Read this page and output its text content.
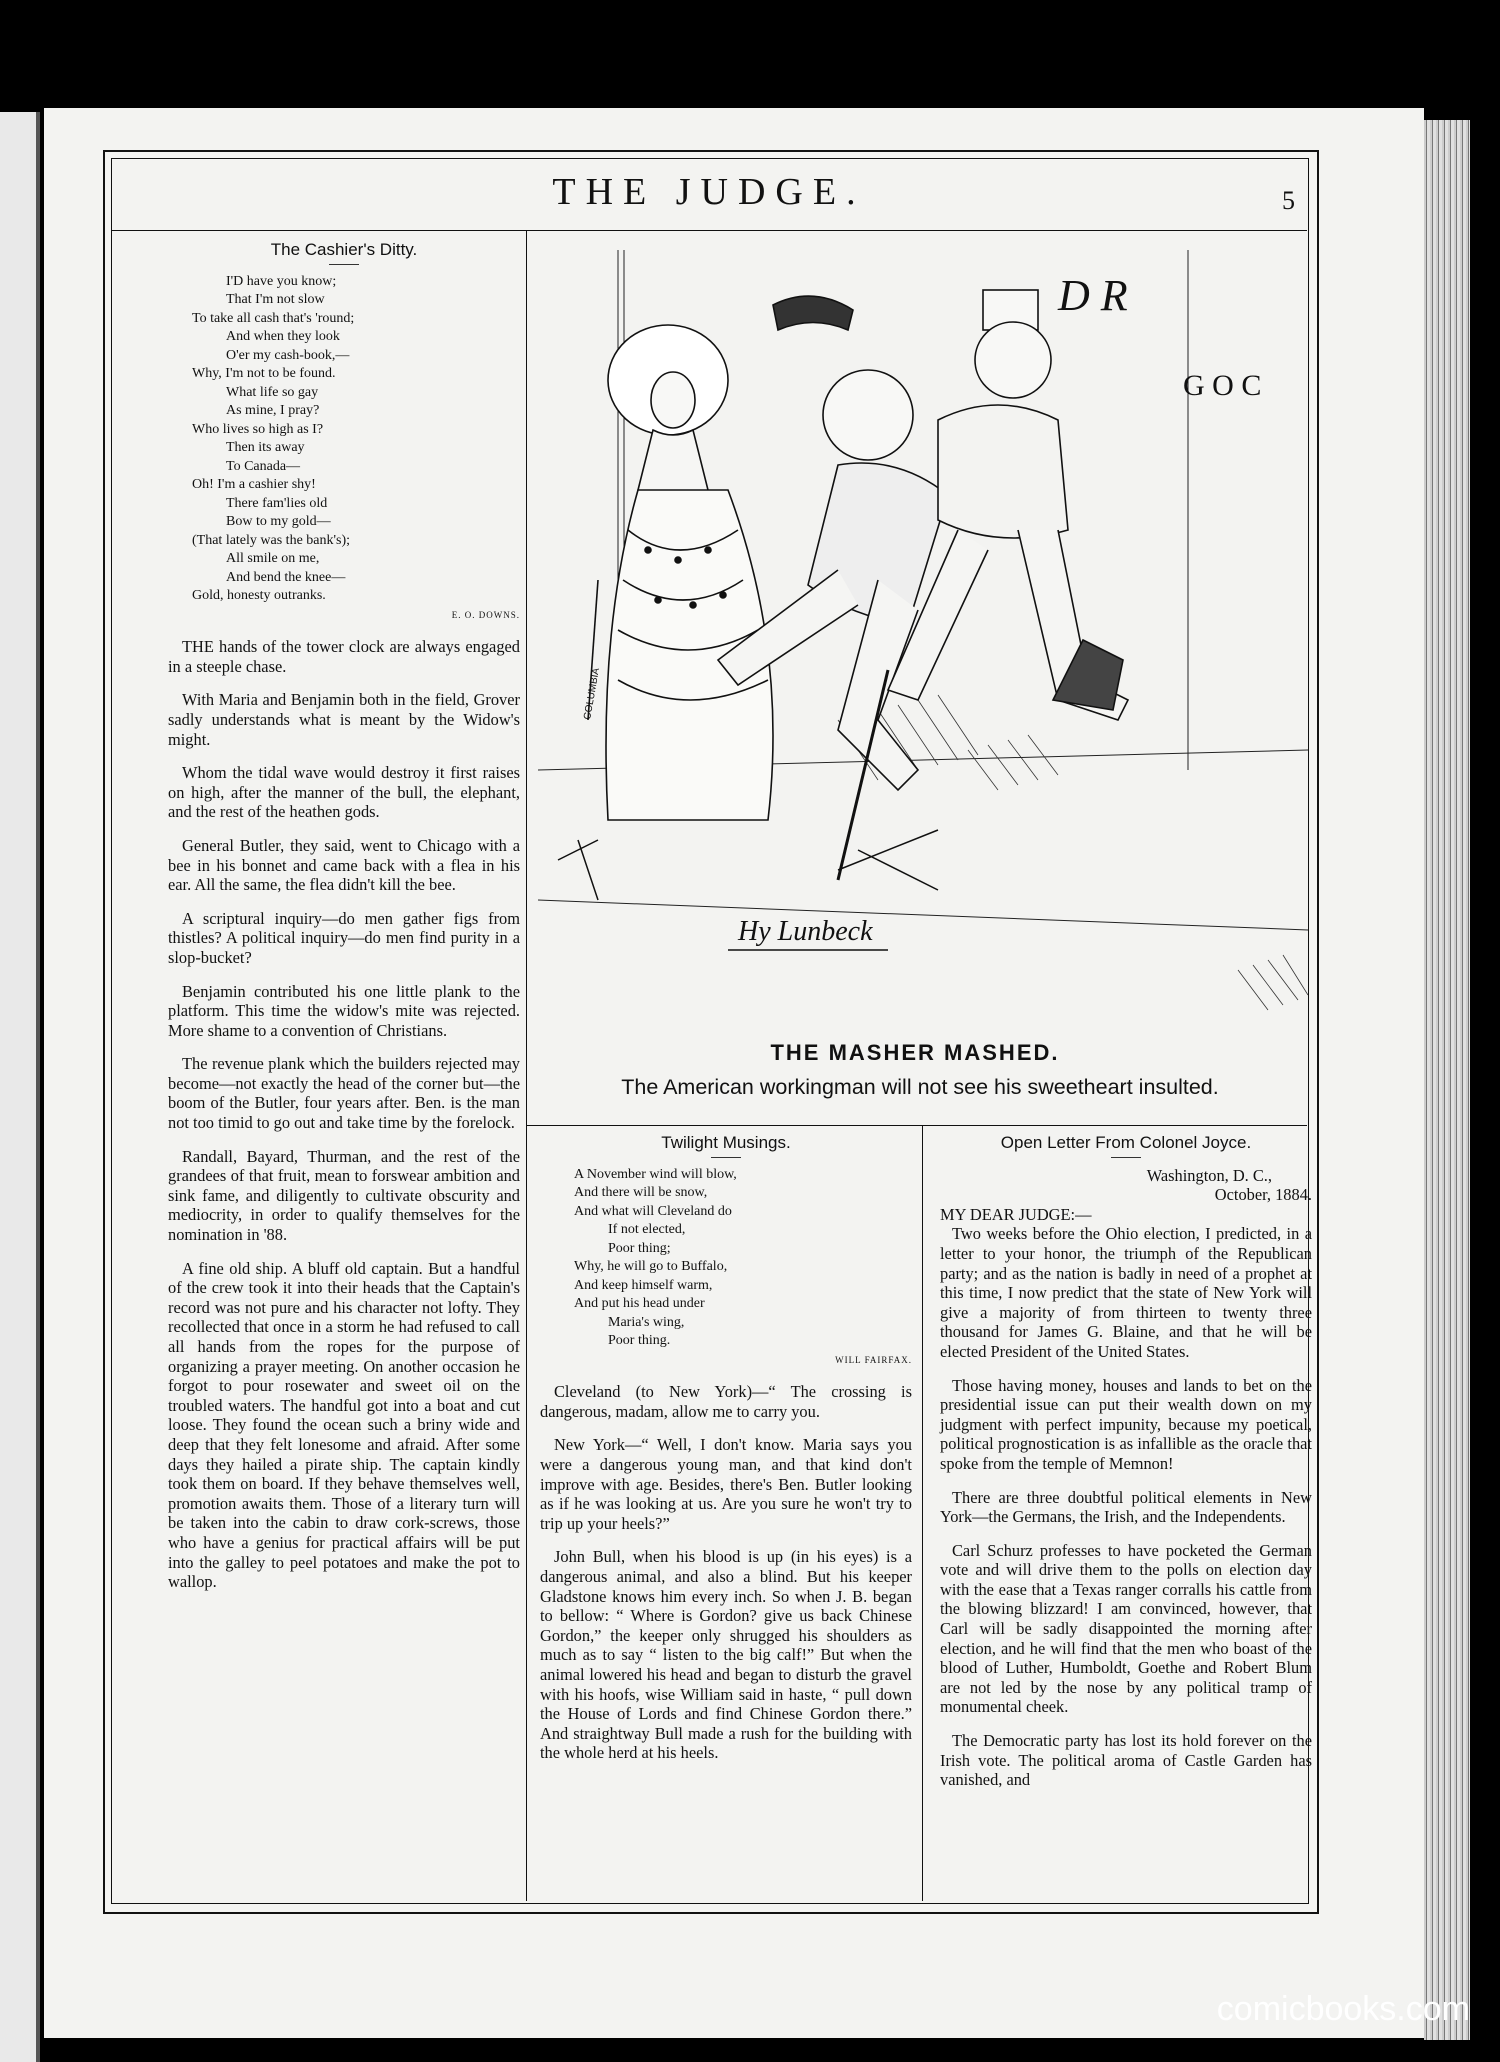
THE JUDGE.	5
The Cashier's Ditty.
I'D have you know;
That I'm not slow
To take all cash that's 'round;
And when they look
O'er my cash-book,—
Why, I'm not to be found.
What life so gay
As mine, I pray?
Who lives so high as I?
Then its away
To Canada—
Oh! I'm a cashier shy!
There fam'lies old
Bow to my gold—
(That lately was the bank's);
All smile on me,
And bend the knee—
Gold, honesty outranks.
E. O. DOWNS.

THE hands of the tower clock are always engaged in a steeple chase.

With Maria and Benjamin both in the field, Grover sadly understands what is meant by the Widow's might.

Whom the tidal wave would destroy it first raises on high, after the manner of the bull, the elephant, and the rest of the heathen gods.

General Butler, they said, went to Chicago with a bee in his bonnet and came back with a flea in his ear. All the same, the flea didn't kill the bee.

A scriptural inquiry—do men gather figs from thistles? A political inquiry—do men find purity in a slop-bucket?

Benjamin contributed his one little plank to the platform. This time the widow's mite was rejected. More shame to a convention of Christians.

The revenue plank which the builders rejected may become—not exactly the head of the corner but—the boom of the Butler, four years after. Ben. is the man not too timid to go out and take time by the forelock.

Randall, Bayard, Thurman, and the rest of the grandees of that fruit, mean to forswear ambition and sink fame, and diligently to cultivate obscurity and mediocrity, in order to qualify themselves for the nomination in '88.

A fine old ship. A bluff old captain. But a handful of the crew took it into their heads that the Captain's record was not pure and his character not lofty. They recollected that once in a storm he had refused to call all hands from the ropes for the purpose of organizing a prayer meeting. On another occasion he forgot to pour rosewater and sweet oil on the troubled waters. The handful got into a boat and cut loose. They found the ocean such a briny wide and deep that they felt lonesome and afraid. After some days they hailed a pirate ship. The captain kindly took them on board. If they behave themselves well, promotion awaits them. Those of a literary turn will be taken into the cabin to draw cork-screws, those who have a genius for practical affairs will be put into the galley to peel potatoes and make the pot to wallop.

D R
G O C
COLUMBIA
Hy Lunbeck
THE MASHER MASHED.
The American workingman will not see his sweetheart insulted.
Twilight Musings.
A November wind will blow,
And there will be snow,
And what will Cleveland do
If not elected,
Poor thing;
Why, he will go to Buffalo,
And keep himself warm,
And put his head under
Maria's wing,
Poor thing.
WILL FAIRFAX.

Cleveland (to New York)—“ The crossing is dangerous, madam, allow me to carry you.

New York—“ Well, I don't know. Maria says you were a dangerous young man, and that kind don't improve with age. Besides, there's Ben. Butler looking as if he was looking at us. Are you sure he won't try to trip up your heels?”

John Bull, when his blood is up (in his eyes) is a dangerous animal, and also a blind. But his keeper Gladstone knows him every inch. So when J. B. began to bellow: “ Where is Gordon? give us back Chinese Gordon,” the keeper only shrugged his shoulders as much as to say “ listen to the big calf!” But when the animal lowered his head and began to disturb the gravel with his hoofs, wise William said in haste, “ pull down the House of Lords and find Chinese Gordon there.” And straightway Bull made a rush for the building with the whole herd at his heels.

Open Letter From Colonel Joyce.
Washington, D. C.,
October, 1884.
MY DEAR JUDGE:—

Two weeks before the Ohio election, I predicted, in a letter to your honor, the triumph of the Republican party; and as the nation is badly in need of a prophet at this time, I now predict that the state of New York will give a majority of from thirteen to twenty three thousand for James G. Blaine, and that he will be elected President of the United States.

Those having money, houses and lands to bet on the presidential issue can put their wealth down on my judgment with perfect impunity, because my poetical, political prognostication is as infallible as the oracle that spoke from the temple of Memnon!

There are three doubtful political elements in New York—the Germans, the Irish, and the Independents.

Carl Schurz professes to have pocketed the German vote and will drive them to the polls on election day with the ease that a Texas ranger corralls his cattle from the blowing blizzard! I am convinced, however, that Carl will be sadly disappointed the morning after election, and he will find that the men who boast of the blood of Luther, Humboldt, Goethe and Robert Blum are not led by the nose by any political tramp of monumental cheek.

The Democratic party has lost its hold forever on the Irish vote. The political aroma of Castle Garden has vanished, and

comicbooks.com
